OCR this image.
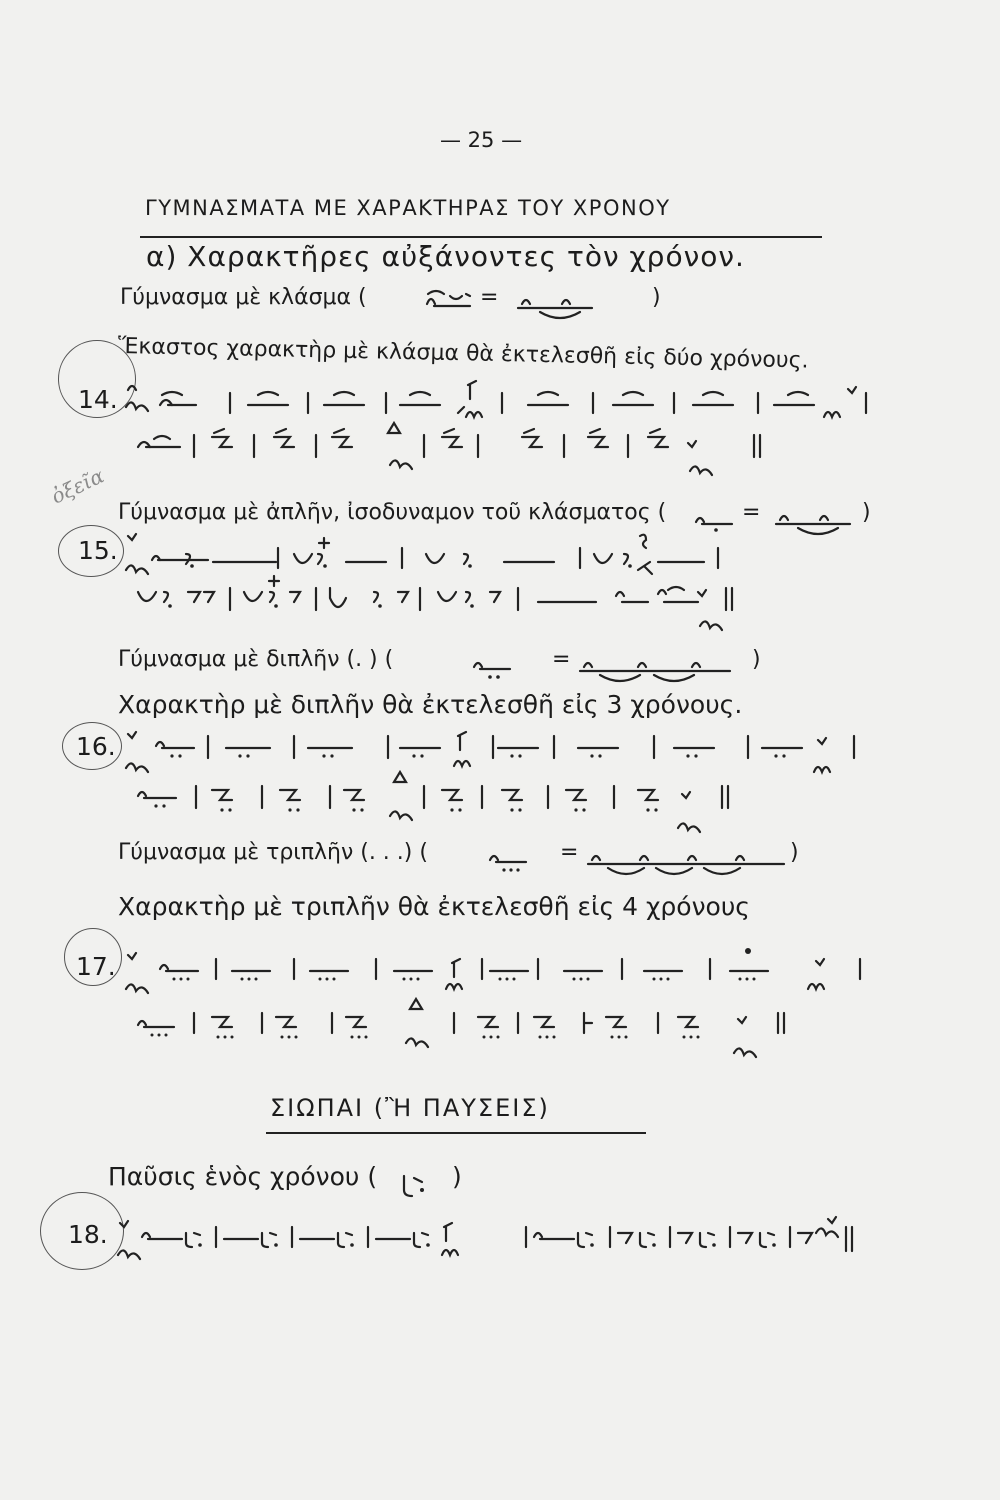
— 25 —
ΓΥΜΝΑΣΜΑΤΑ ΜΕ ΧΑΡΑΚΤΗΡΑΣ ΤΟΥ ΧΡΟΝΟΥ
α) Χαρακτῆρες αὐξάνοντες τὸν χρόνον.
Γύμνασμα μὲ κλάσμα (	=	)
Ἕκαστος χαρακτὴρ μὲ κλάσμα θὰ ἐκτελεσθῆ εἰς δύο χρόνους.
14.
ὀξεῖα
Γύμνασμα μὲ ἀπλῆν, ἰσοδυναμον τοῦ κλάσματος (	=	)
15.
Γύμνασμα μὲ διπλῆν (. ) (	=	)
Χαρακτὴρ μὲ διπλῆν θὰ ἐκτελεσθῆ εἰς 3 χρόνους.
16.
Γύμνασμα μὲ τριπλῆν (. . .) (	=	)
Χαρακτὴρ μὲ τριπλῆν θὰ ἐκτελεσθῆ εἰς 4 χρόνους
17.
ΣΙΩΠΑΙ (Ἢ ΠΑΥΣΕΙΣ)
Παῦσις ἑνὸς χρόνου (	)
18.
